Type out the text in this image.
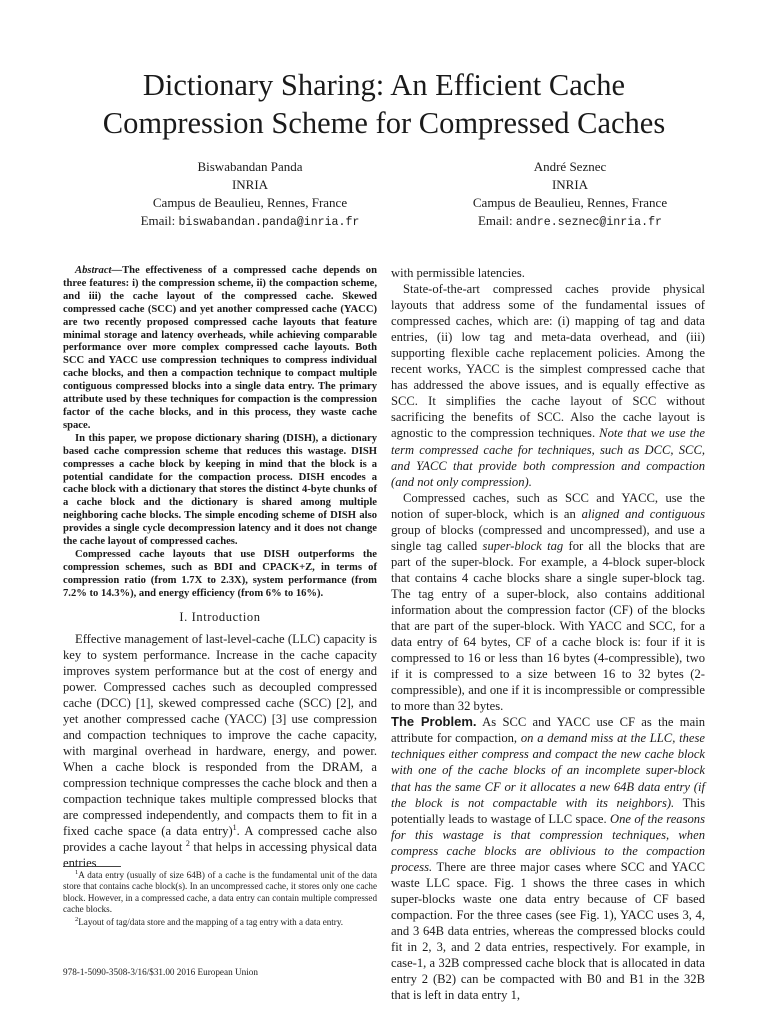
Dictionary Sharing: An Efficient Cache
Compression Scheme for Compressed Caches
Biswabandan Panda
INRIA
Campus de Beaulieu, Rennes, France
Email: biswabandan.panda@inria.fr
André Seznec
INRIA
Campus de Beaulieu, Rennes, France
Email: andre.seznec@inria.fr

Abstract—The effectiveness of a compressed cache depends on three features: i) the compression scheme, ii) the compaction scheme, and iii) the cache layout of the compressed cache. Skewed compressed cache (SCC) and yet another compressed cache (YACC) are two recently proposed compressed cache layouts that feature minimal storage and latency overheads, while achieving comparable performance over more complex compressed cache layouts. Both SCC and YACC use compression techniques to compress individual cache blocks, and then a compaction technique to compact multiple contiguous compressed blocks into a single data entry. The primary attribute used by these techniques for compaction is the compression factor of the cache blocks, and in this process, they waste cache space.

In this paper, we propose dictionary sharing (DISH), a dictionary based cache compression scheme that reduces this wastage. DISH compresses a cache block by keeping in mind that the block is a potential candidate for the compaction process. DISH encodes a cache block with a dictionary that stores the distinct 4-byte chunks of a cache block and the dictionary is shared among multiple neighboring cache blocks. The simple encoding scheme of DISH also provides a single cycle decompression latency and it does not change the cache layout of compressed caches.

Compressed cache layouts that use DISH outperforms the compression schemes, such as BDI and CPACK+Z, in terms of compression ratio (from 1.7X to 2.3X), system performance (from 7.2% to 14.3%), and energy efficiency (from 6% to 16%).

I. Introduction

Effective management of last-level-cache (LLC) capacity is key to system performance. Increase in the cache capacity improves system performance but at the cost of energy and power. Compressed caches such as decoupled compressed cache (DCC) [1], skewed compressed cache (SCC) [2], and yet another compressed cache (YACC) [3] use compression and compaction techniques to improve the cache capacity, with marginal overhead in hardware, energy, and power. When a cache block is responded from the DRAM, a compression technique compresses the cache block and then a compaction technique takes multiple compressed blocks that are compressed independently, and compacts them to fit in a fixed cache space (a data entry)$^1$. A compressed cache also provides a cache layout $^2$ that helps in accessing physical data entries

$^1$A data entry (usually of size 64B) of a cache is the fundamental unit of the data store that contains cache block(s). In an uncompressed cache, it stores only one cache block. However, in a compressed cache, a data entry can contain multiple compressed cache blocks.

$^2$Layout of tag/data store and the mapping of a tag entry with a data entry.

978-1-5090-3508-3/16/$31.00 2016 European Union

with permissible latencies.

State-of-the-art compressed caches provide physical layouts that address some of the fundamental issues of compressed caches, which are: (i) mapping of tag and data entries, (ii) low tag and meta-data overhead, and (iii) supporting flexible cache replacement policies. Among the recent works, YACC is the simplest compressed cache that has addressed the above issues, and is equally effective as SCC. It simplifies the cache layout of SCC without sacrificing the benefits of SCC. Also the cache layout is agnostic to the compression techniques. Note that we use the term compressed cache for techniques, such as DCC, SCC, and YACC that provide both compression and compaction (and not only compression).

Compressed caches, such as SCC and YACC, use the notion of super-block, which is an aligned and contiguous group of blocks (compressed and uncompressed), and use a single tag called super-block tag for all the blocks that are part of the super-block. For example, a 4-block super-block that contains 4 cache blocks share a single super-block tag. The tag entry of a super-block, also contains additional information about the compression factor (CF) of the blocks that are part of the super-block. With YACC and SCC, for a data entry of 64 bytes, CF of a cache block is: four if it is compressed to 16 or less than 16 bytes (4-compressible), two if it is compressed to a size between 16 to 32 bytes (2-compressible), and one if it is incompressible or compressible to more than 32 bytes.

The Problem. As SCC and YACC use CF as the main attribute for compaction, on a demand miss at the LLC, these techniques either compress and compact the new cache block with one of the cache blocks of an incomplete super-block that has the same CF or it allocates a new 64B data entry (if the block is not compactable with its neighbors). This potentially leads to wastage of LLC space. One of the reasons for this wastage is that compression techniques, when compress cache blocks are oblivious to the compaction process. There are three major cases where SCC and YACC waste LLC space. Fig. 1 shows the three cases in which super-blocks waste one data entry because of CF based compaction. For the three cases (see Fig. 1), YACC uses 3, 4, and 3 64B data entries, whereas the compressed blocks could fit in 2, 3, and 2 data entries, respectively. For example, in case-1, a 32B compressed cache block that is allocated in data entry 2 (B2) can be compacted with B0 and B1 in the 32B that is left in data entry 1,
